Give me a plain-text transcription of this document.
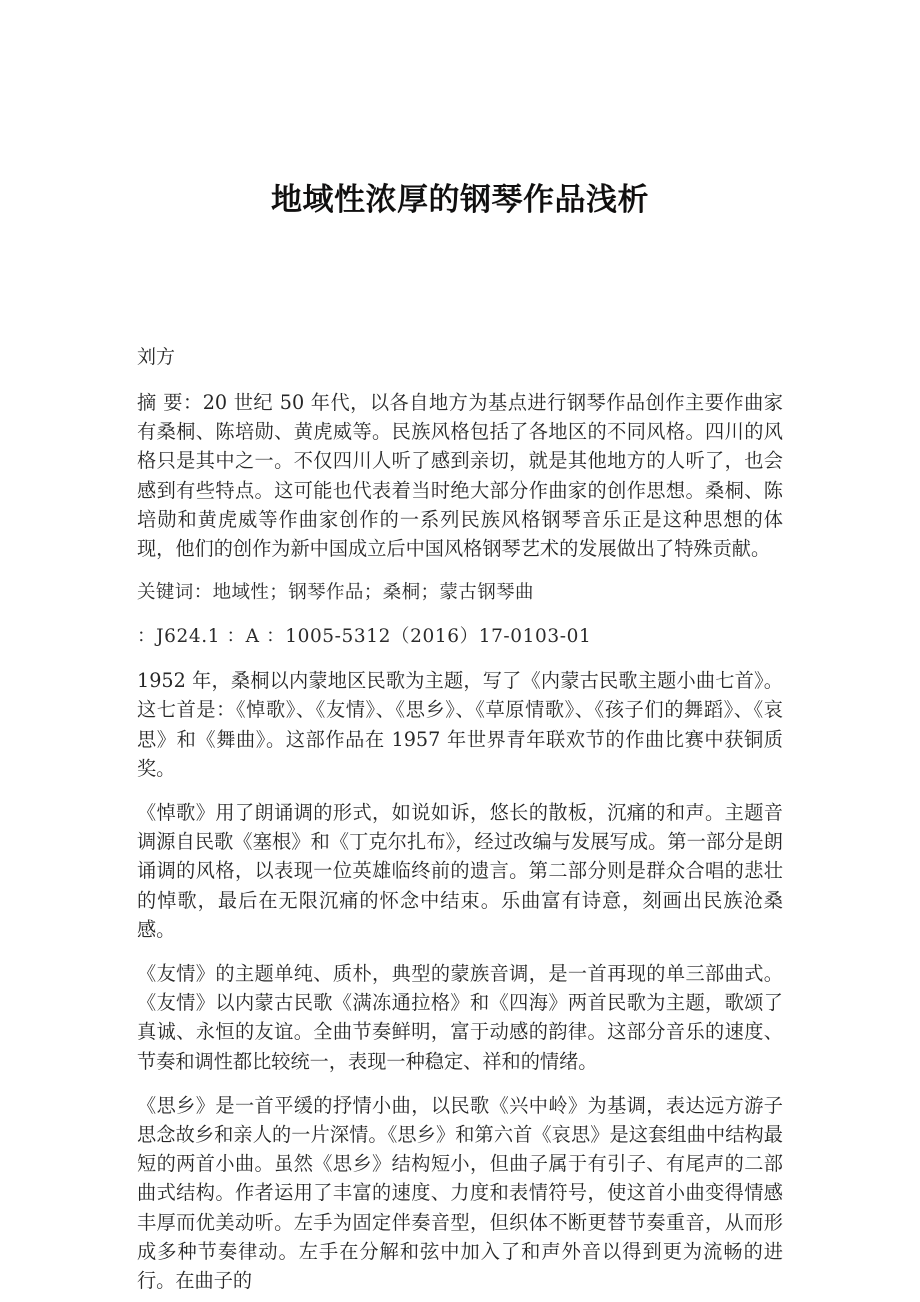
地域性浓厚的钢琴作品浅析
刘方

摘 要：20 世纪 50 年代，以各自地方为基点进行钢琴作品创作主要作曲家有桑桐、陈培勋、黄虎威等。民族风格包括了各地区的不同风格。四川的风格只是其中之一。不仅四川人听了感到亲切，就是其他地方的人听了，也会感到有些特点。这可能也代表着当时绝大部分作曲家的创作思想。桑桐、陈培勋和黄虎威等作曲家创作的一系列民族风格钢琴音乐正是这种思想的体现，他们的创作为新中国成立后中国风格钢琴艺术的发展做出了特殊贡献。

关键词：地域性；钢琴作品；桑桐；蒙古钢琴曲
：J624.1 ：A ：1005-5312（2016）17-0103-01

1952 年，桑桐以内蒙地区民歌为主题，写了《内蒙古民歌主题小曲七首》。这七首是：《悼歌》、《友情》、《思乡》、《草原情歌》、《孩子们的舞蹈》、《哀思》和《舞曲》。这部作品在 1957 年世界青年联欢节的作曲比赛中获铜质奖。

《悼歌》用了朗诵调的形式，如说如诉，悠长的散板，沉痛的和声。主题音调源自民歌《塞根》和《丁克尔扎布》，经过改编与发展写成。第一部分是朗诵调的风格，以表现一位英雄临终前的遗言。第二部分则是群众合唱的悲壮的悼歌，最后在无限沉痛的怀念中结束。乐曲富有诗意，刻画出民族沧桑感。

《友情》的主题单纯、质朴，典型的蒙族音调，是一首再现的单三部曲式。《友情》以内蒙古民歌《满冻通拉格》和《四海》两首民歌为主题，歌颂了真诚、永恒的友谊。全曲节奏鲜明，富于动感的韵律。这部分音乐的速度、节奏和调性都比较统一，表现一种稳定、祥和的情绪。

《思乡》是一首平缓的抒情小曲，以民歌《兴中岭》为基调，表达远方游子思念故乡和亲人的一片深情。《思乡》和第六首《哀思》是这套组曲中结构最短的两首小曲。虽然《思乡》结构短小，但曲子属于有引子、有尾声的二部曲式结构。作者运用了丰富的速度、力度和表情符号，使这首小曲变得情感丰厚而优美动听。左手为固定伴奏音型，但织体不断更替节奏重音，从而形成多种节奏律动。左手在分解和弦中加入了和声外音以得到更为流畅的进行。在曲子的
